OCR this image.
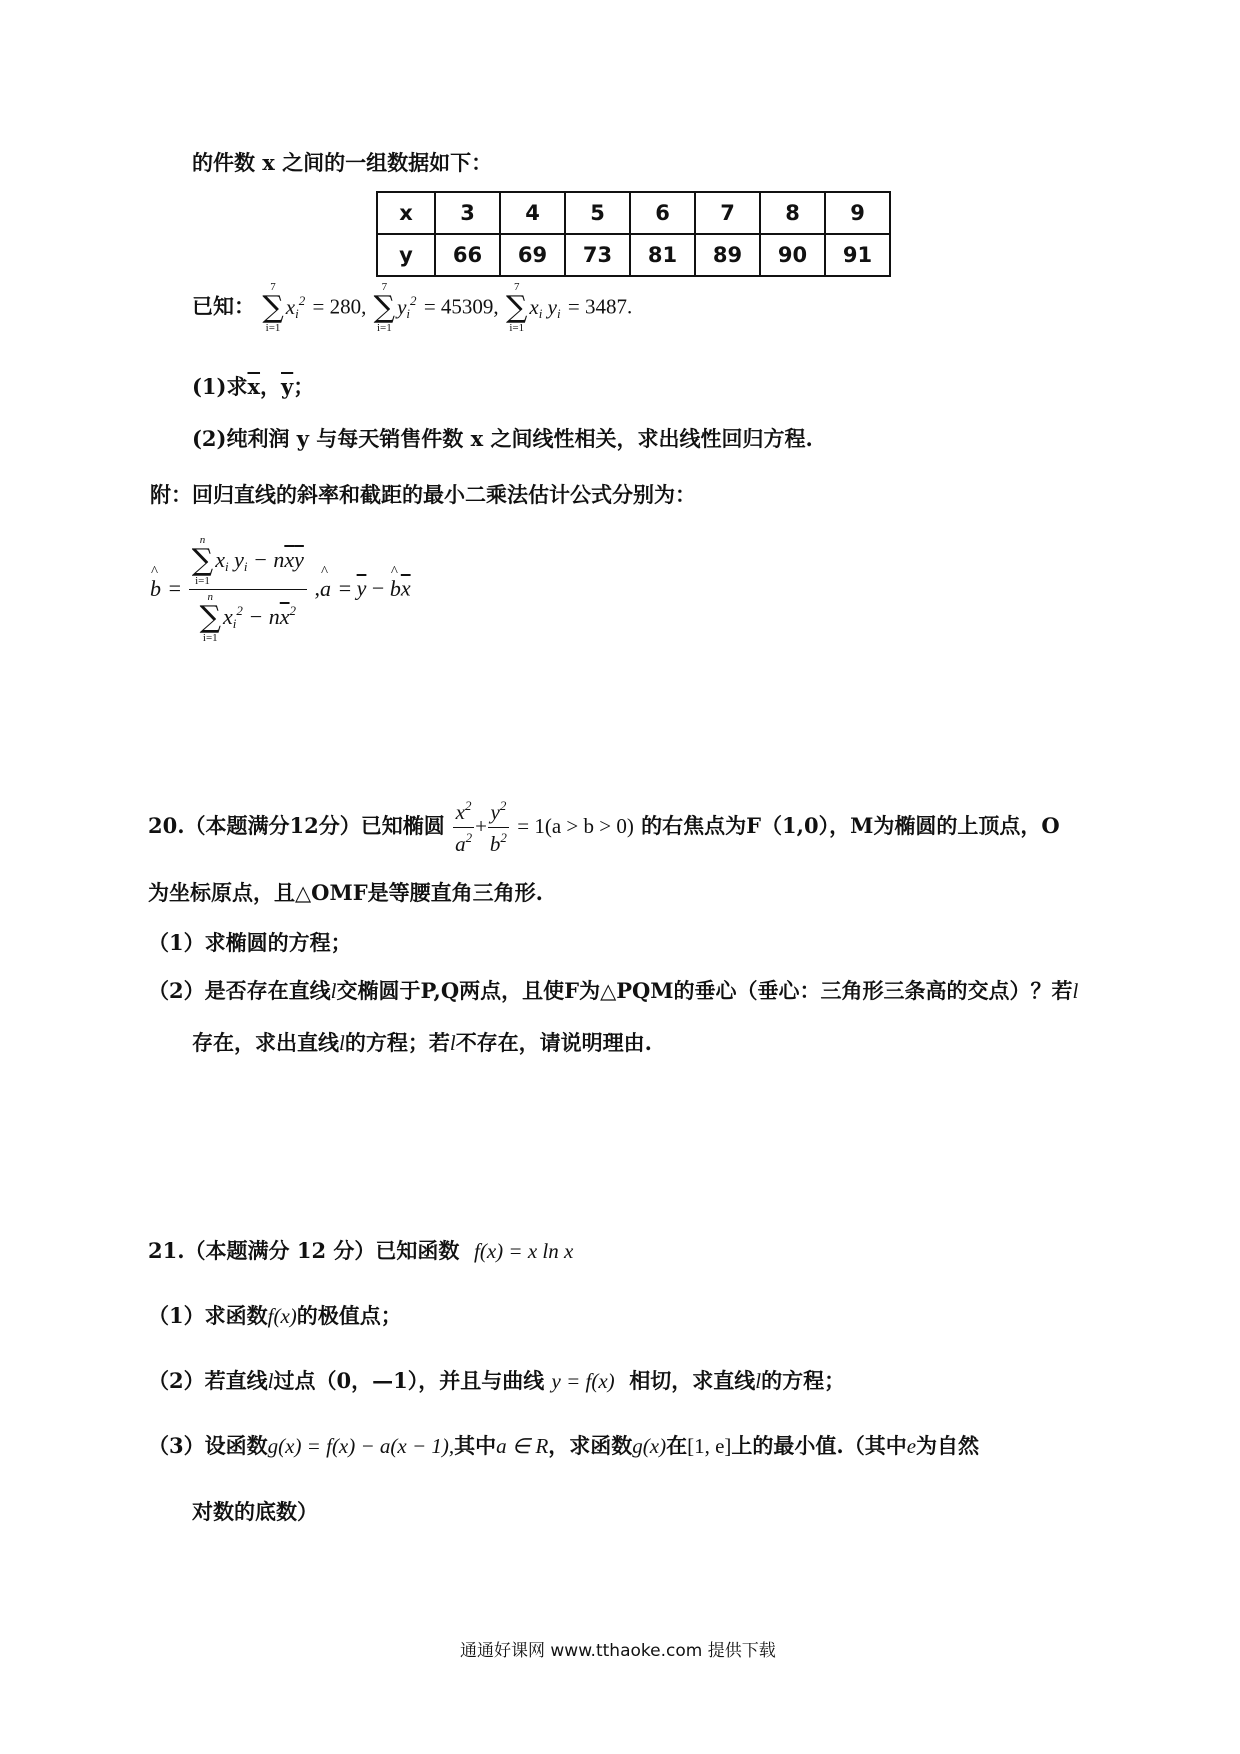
的件数 x 之间的一组数据如下：
x	3	4	5	6	7	8	9
y	66	69	73	81	89	90	91
已知：
7
∑
i=1
$x_i^2 = 280$,
7
∑
i=1
$y_i^2 = 45309$,
7
∑
i=1
$x_i$ $y_i = 3487$.
(1)求$\overline{x}$，$\overline{y}$；
(2)纯利润 y 与每天销售件数 x 之间线性相关，求出线性回归方程.
附：回归直线的斜率和截距的最小二乘法估计公式分别为：
^ b = n
∑
i=1
$x_i$ $y_i - n\overline{x}\overline{y}$
n
∑
i=1
$x_i^2 - n\overline{x}^2$ ,^ $a = \overline{y}$ − ^ $b\overline{x}$
20.（本题满分12分）已知椭圆 $\frac{x^2}{a^2} + \frac{y^2}{b^2} = 1(a > b > 0)$ 的右焦点为F（1,0），M为椭圆的上顶点，O
为坐标原点，且△OMF是等腰直角三角形.
（1）求椭圆的方程；
（2）是否存在直线l交椭圆于P,Q两点，且使F为△PQM的垂心（垂心：三角形三条高的交点）？若l
存在，求出直线l的方程；若l不存在，请说明理由.
21.（本题满分 12 分）已知函数 f(x) = x ln x
（1）求函数f(x)的极值点；
（2）若直线l过点（0，—1），并且与曲线 y = f(x) 相切，求直线l的方程；
（3）设函数g(x) = f(x) − a(x − 1),其中a ∈ R，求函数g(x)在[1, e]上的最小值.（其中e为自然
对数的底数）
通通好课网 www.tthaoke.com 提供下载
